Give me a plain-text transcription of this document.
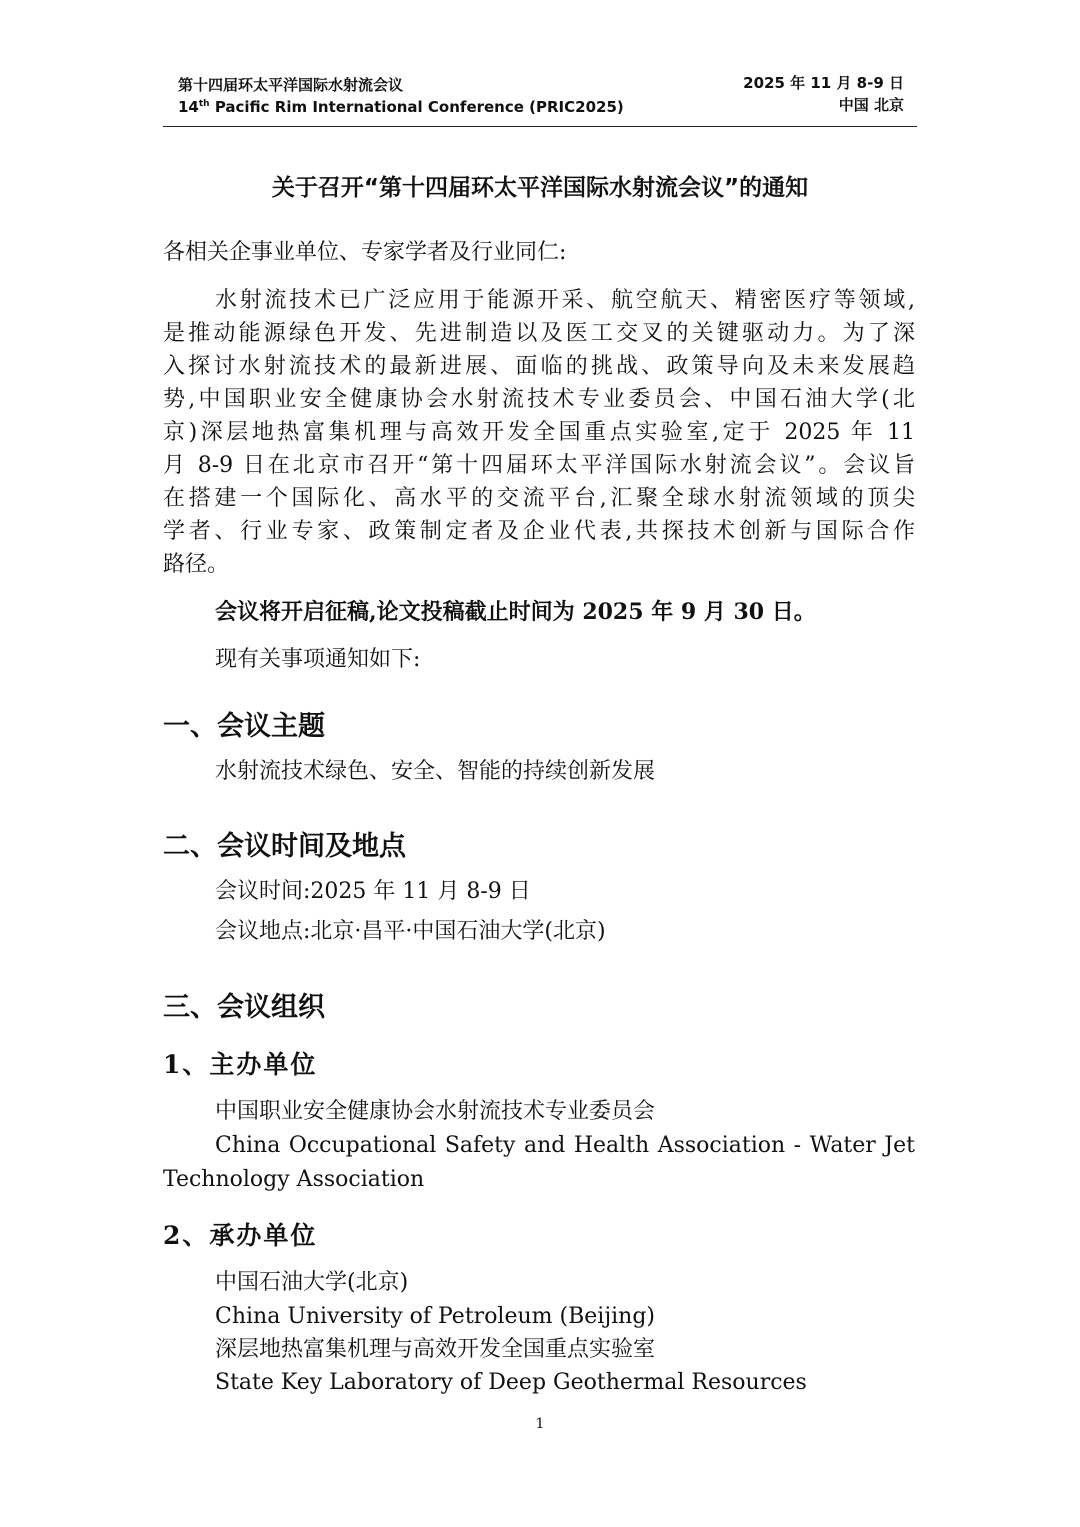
第十四届环太平洋国际水射流会议
14th Pacific Rim International Conference (PRIC2025)
2025 年 11 月 8-9 日
中国 北京
关于召开“第十四届环太平洋国际水射流会议”的通知
各相关企事业单位、专家学者及行业同仁:
水射流技术已广泛应用于能源开采、航空航天、精密医疗等领域,
是推动能源绿色开发、先进制造以及医工交叉的关键驱动力。为了深
入探讨水射流技术的最新进展、面临的挑战、政策导向及未来发展趋
势,中国职业安全健康协会水射流技术专业委员会、中国石油大学(北
京)深层地热富集机理与高效开发全国重点实验室,定于 2025 年 11
月 8-9 日在北京市召开“第十四届环太平洋国际水射流会议”。会议旨
在搭建一个国际化、高水平的交流平台,汇聚全球水射流领域的顶尖
学者、行业专家、政策制定者及企业代表,共探技术创新与国际合作
路径。
会议将开启征稿,论文投稿截止时间为 2025 年 9 月 30 日。
现有关事项通知如下:
一、会议主题
水射流技术绿色、安全、智能的持续创新发展
二、会议时间及地点
会议时间:2025 年 11 月 8-9 日
会议地点:北京·昌平·中国石油大学(北京)
三、会议组织
1、主办单位
中国职业安全健康协会水射流技术专业委员会
China Occupational Safety and Health Association - Water Jet
Technology Association
2、承办单位
中国石油大学(北京)
China University of Petroleum (Beijing)
深层地热富集机理与高效开发全国重点实验室
State Key Laboratory of Deep Geothermal Resources
1
